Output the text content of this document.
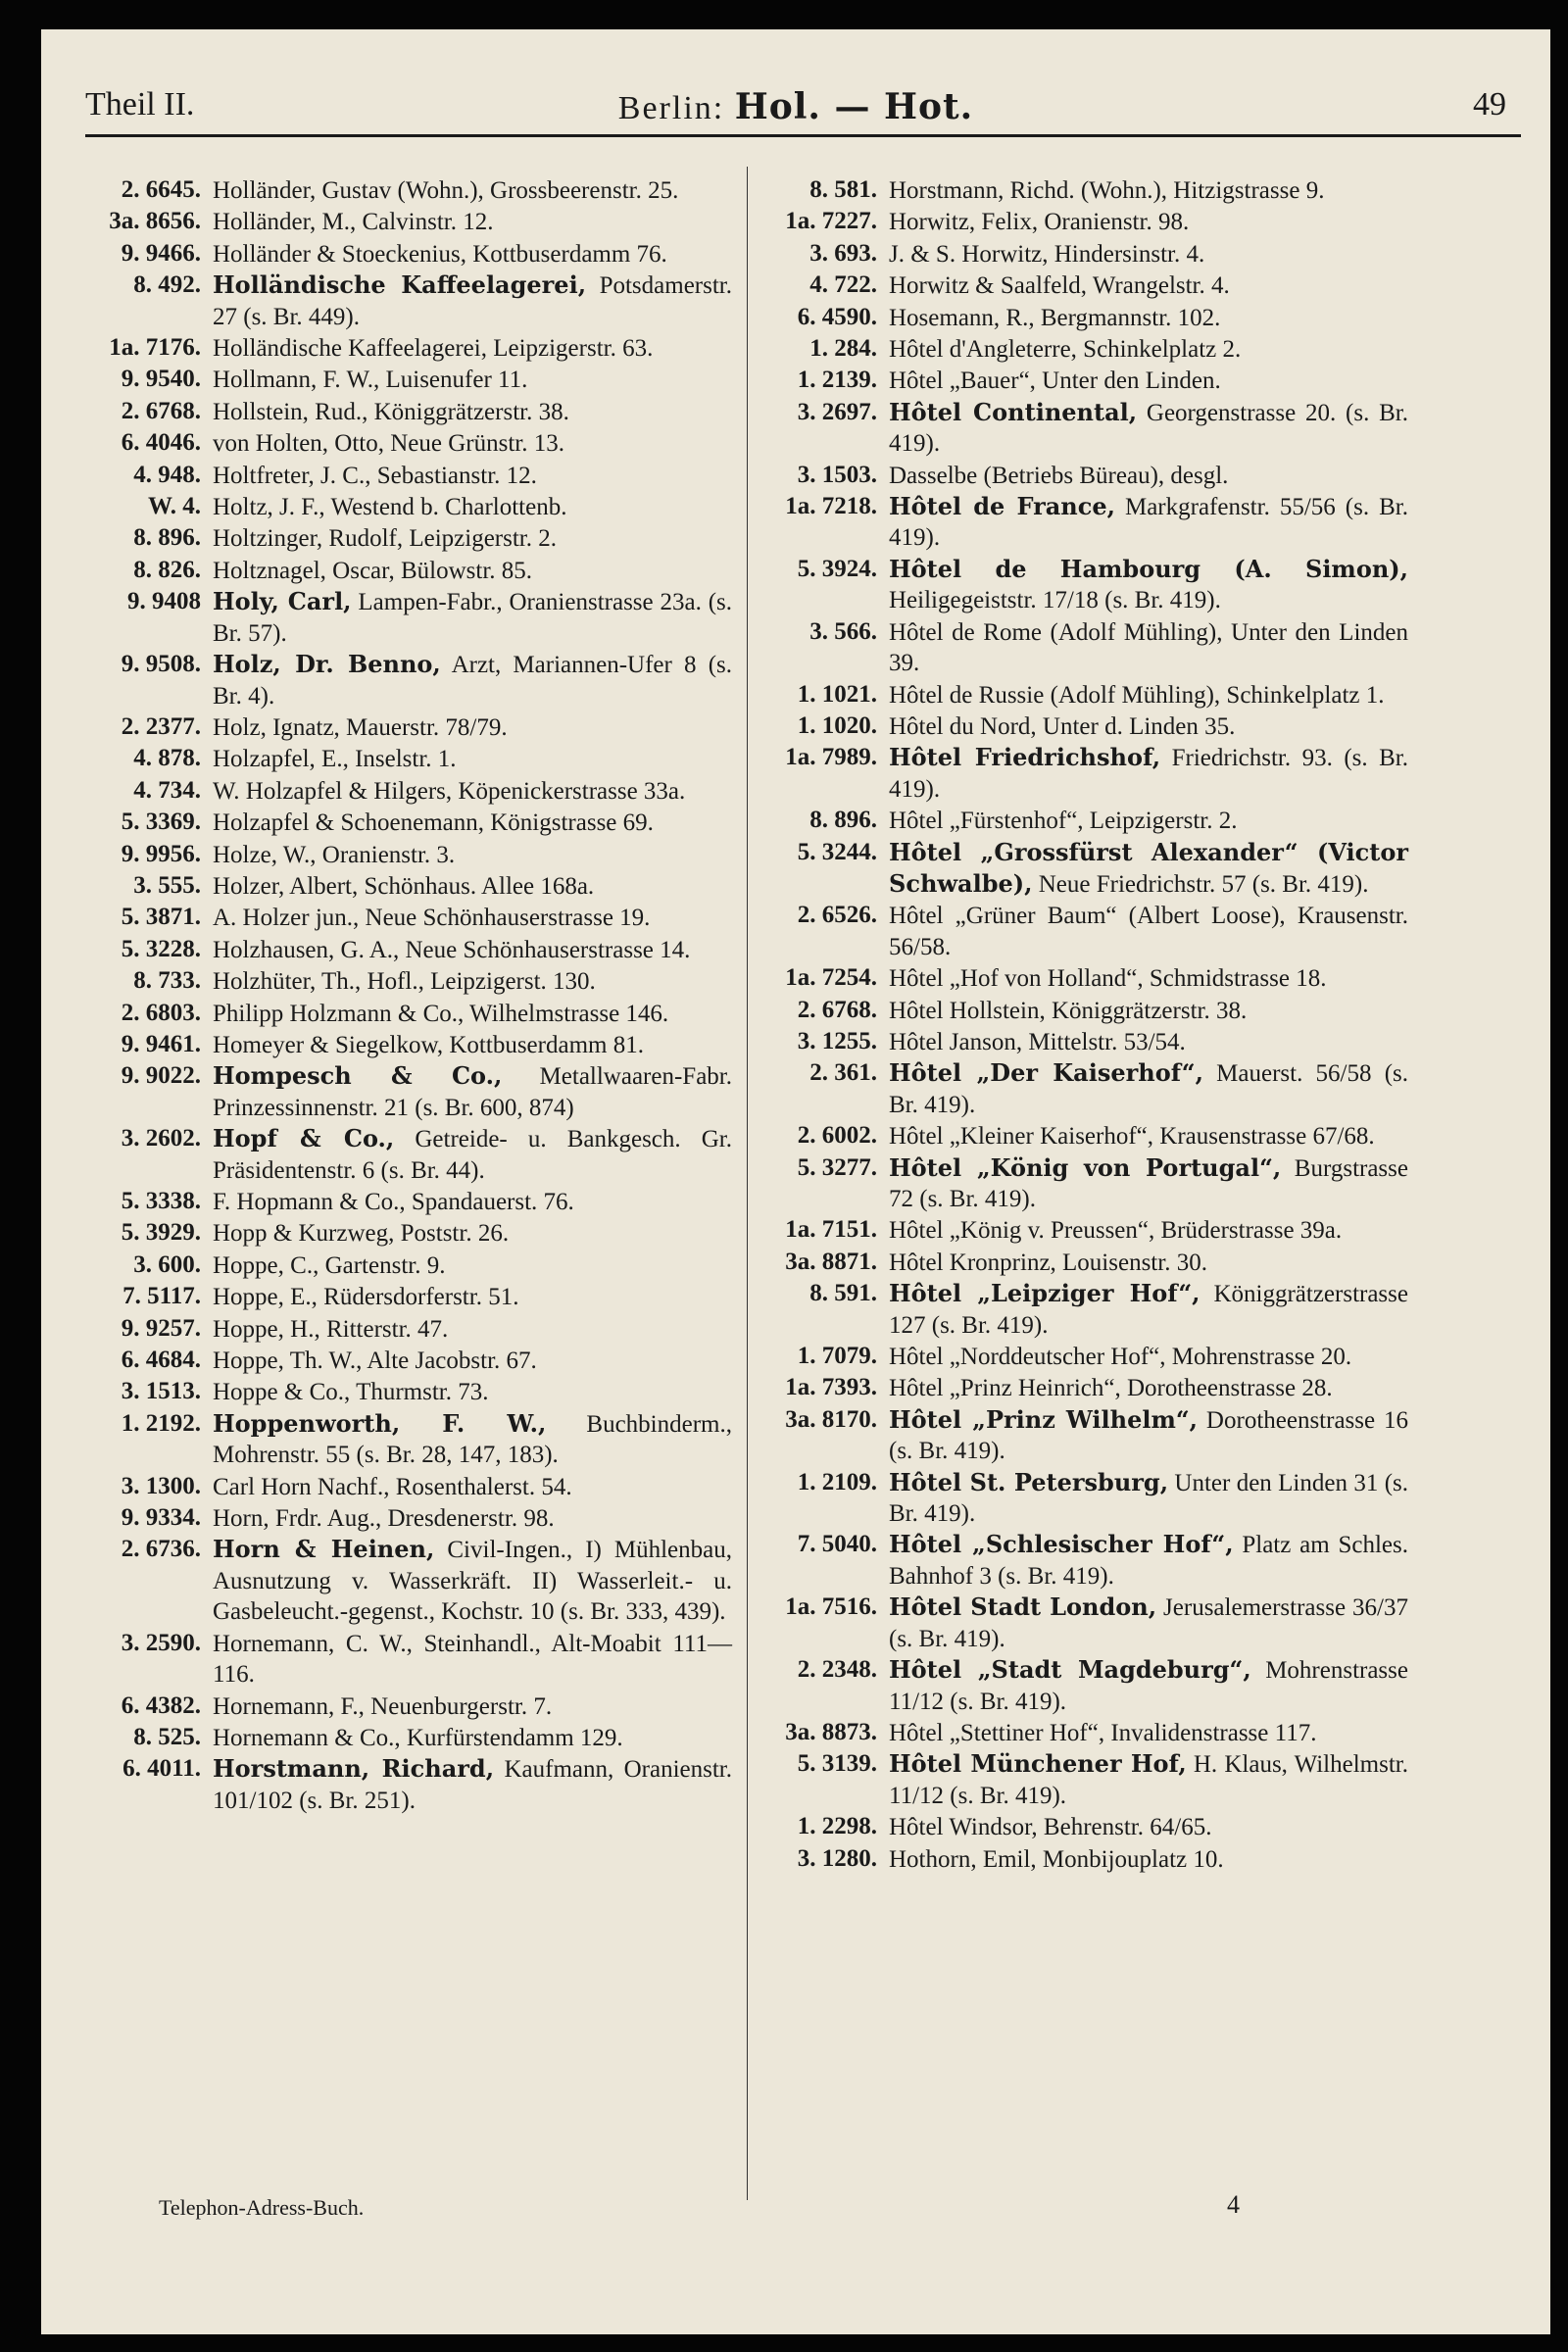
Theil II.	Berlin: Hol. — Hot.	49
2. 6645. Holländer, Gustav (Wohn.), Grossbeerenstr. 25.
3a. 8656. Holländer, M., Calvinstr. 12.
9. 9466. Holländer & Stoeckenius, Kottbuserdamm 76.
8. 492. Holländische Kaffeelagerei, Potsdamerstr. 27 (s. Br. 449).
1a. 7176. Holländische Kaffeelagerei, Leipzigerstr. 63.
9. 9540. Hollmann, F. W., Luisenufer 11.
2. 6768. Hollstein, Rud., Königgrätzerstr. 38.
6. 4046. von Holten, Otto, Neue Grünstr. 13.
4. 948. Holtfreter, J. C., Sebastianstr. 12.
W. 4. Holtz, J. F., Westend b. Charlottenb.
8. 896. Holtzinger, Rudolf, Leipzigerstr. 2.
8. 826. Holtznagel, Oscar, Bülowstr. 85.
9. 9408 Holy, Carl, Lampen-Fabr., Oranienstrasse 23a. (s. Br. 57).
9. 9508. Holz, Dr. Benno, Arzt, Mariannen-Ufer 8 (s. Br. 4).
2. 2377. Holz, Ignatz, Mauerstr. 78/79.
4. 878. Holzapfel, E., Inselstr. 1.
4. 734. W. Holzapfel & Hilgers, Köpenickerstrasse 33a.
5. 3369. Holzapfel & Schoenemann, Königstrasse 69.
9. 9956. Holze, W., Oranienstr. 3.
3. 555. Holzer, Albert, Schönhaus. Allee 168a.
5. 3871. A. Holzer jun., Neue Schönhauserstrasse 19.
5. 3228. Holzhausen, G. A., Neue Schönhauserstrasse 14.
8. 733. Holzhüter, Th., Hofl., Leipzigerst. 130.
2. 6803. Philipp Holzmann & Co., Wilhelmstrasse 146.
9. 9461. Homeyer & Siegelkow, Kottbuserdamm 81.
9. 9022. Hompesch & Co., Metallwaaren-Fabr. Prinzessinnenstr. 21 (s. Br. 600, 874)
3. 2602. Hopf & Co., Getreide- u. Bankgesch. Gr. Präsidentenstr. 6 (s. Br. 44).
5. 3338. F. Hopmann & Co., Spandauerst. 76.
5. 3929. Hopp & Kurzweg, Poststr. 26.
3. 600. Hoppe, C., Gartenstr. 9.
7. 5117. Hoppe, E., Rüdersdorferstr. 51.
9. 9257. Hoppe, H., Ritterstr. 47.
6. 4684. Hoppe, Th. W., Alte Jacobstr. 67.
3. 1513. Hoppe & Co., Thurmstr. 73.
1. 2192. Hoppenworth, F. W., Buchbinderm., Mohrenstr. 55 (s. Br. 28, 147, 183).
3. 1300. Carl Horn Nachf., Rosenthalerst. 54.
9. 9334. Horn, Frdr. Aug., Dresdenerstr. 98.
2. 6736. Horn & Heinen, Civil-Ingen., I) Mühlenbau, Ausnutzung v. Wasserkräft. II) Wasserleit.- u. Gasbeleucht.-gegenst., Kochstr. 10 (s. Br. 333, 439).
3. 2590. Hornemann, C. W., Steinhandl., Alt-Moabit 111—116.
6. 4382. Hornemann, F., Neuenburgerstr. 7.
8. 525. Hornemann & Co., Kurfürstendamm 129.
6. 4011. Horstmann, Richard, Kaufmann, Oranienstr. 101/102 (s. Br. 251).
8. 581. Horstmann, Richd. (Wohn.), Hitzigstrasse 9.
1a. 7227. Horwitz, Felix, Oranienstr. 98.
3. 693. J. & S. Horwitz, Hindersinstr. 4.
4. 722. Horwitz & Saalfeld, Wrangelstr. 4.
6. 4590. Hosemann, R., Bergmannstr. 102.
1. 284. Hôtel d'Angleterre, Schinkelplatz 2.
1. 2139. Hôtel „Bauer“, Unter den Linden.
3. 2697. Hôtel Continental, Georgenstrasse 20. (s. Br. 419).
3. 1503. Dasselbe (Betriebs Büreau), desgl.
1a. 7218. Hôtel de France, Markgrafenstr. 55/56 (s. Br. 419).
5. 3924. Hôtel de Hambourg (A. Simon), Heiligegeiststr. 17/18 (s. Br. 419).
3. 566. Hôtel de Rome (Adolf Mühling), Unter den Linden 39.
1. 1021. Hôtel de Russie (Adolf Mühling), Schinkelplatz 1.
1. 1020. Hôtel du Nord, Unter d. Linden 35.
1a. 7989. Hôtel Friedrichshof, Friedrichstr. 93. (s. Br. 419).
8. 896. Hôtel „Fürstenhof“, Leipzigerstr. 2.
5. 3244. Hôtel „Grossfürst Alexander“ (Victor Schwalbe), Neue Friedrichstr. 57 (s. Br. 419).
2. 6526. Hôtel „Grüner Baum“ (Albert Loose), Krausenstr. 56/58.
1a. 7254. Hôtel „Hof von Holland“, Schmidstrasse 18.
2. 6768. Hôtel Hollstein, Königgrätzerstr. 38.
3. 1255. Hôtel Janson, Mittelstr. 53/54.
2. 361. Hôtel „Der Kaiserhof“, Mauerst. 56/58 (s. Br. 419).
2. 6002. Hôtel „Kleiner Kaiserhof“, Krausenstrasse 67/68.
5. 3277. Hôtel „König von Portugal“, Burgstrasse 72 (s. Br. 419).
1a. 7151. Hôtel „König v. Preussen“, Brüderstrasse 39a.
3a. 8871. Hôtel Kronprinz, Louisenstr. 30.
8. 591. Hôtel „Leipziger Hof“, Königgrätzerstrasse 127 (s. Br. 419).
1. 7079. Hôtel „Norddeutscher Hof“, Mohrenstrasse 20.
1a. 7393. Hôtel „Prinz Heinrich“, Dorotheenstrasse 28.
3a. 8170. Hôtel „Prinz Wilhelm“, Dorotheenstrasse 16 (s. Br. 419).
1. 2109. Hôtel St. Petersburg, Unter den Linden 31 (s. Br. 419).
7. 5040. Hôtel „Schlesischer Hof“, Platz am Schles. Bahnhof 3 (s. Br. 419).
1a. 7516. Hôtel Stadt London, Jerusalemerstrasse 36/37 (s. Br. 419).
2. 2348. Hôtel „Stadt Magdeburg“, Mohrenstrasse 11/12 (s. Br. 419).
3a. 8873. Hôtel „Stettiner Hof“, Invalidenstrasse 117.
5. 3139. Hôtel Münchener Hof, H. Klaus, Wilhelmstr. 11/12 (s. Br. 419).
1. 2298. Hôtel Windsor, Behrenstr. 64/65.
3. 1280. Hothorn, Emil, Monbijouplatz 10.
Telephon-Adress-Buch.	4
